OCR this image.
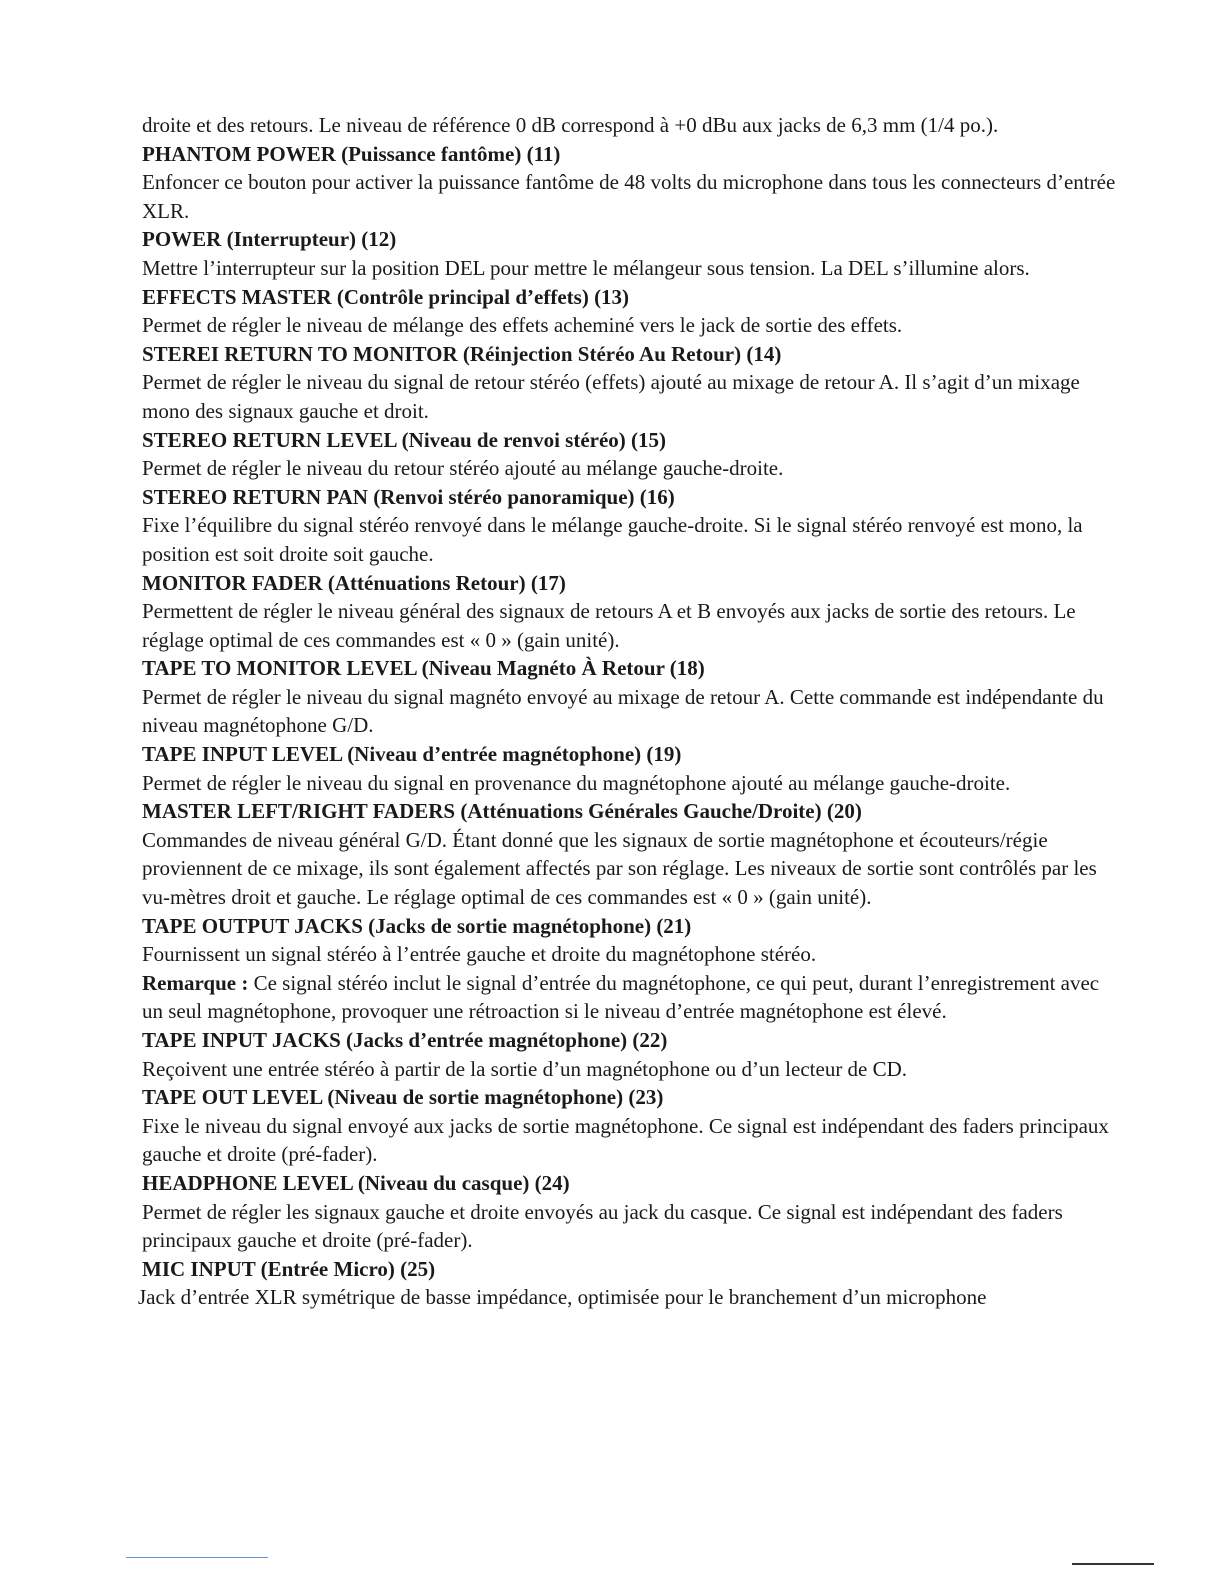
droite et des retours. Le niveau de référence 0 dB correspond à +0 dBu aux jacks de 6,3 mm (1/4 po.).

PHANTOM POWER (Puissance fantôme) (11)

Enfoncer ce bouton pour activer la puissance fantôme de 48 volts du microphone dans tous les connecteurs d’entrée XLR.

POWER (Interrupteur) (12)

Mettre l’interrupteur sur la position DEL pour mettre le mélangeur sous tension. La DEL s’illumine alors.

EFFECTS MASTER (Contrôle principal d’effets) (13)

Permet de régler le niveau de mélange des effets acheminé vers le jack de sortie des effets.

STEREI RETURN TO MONITOR (Réinjection Stéréo Au Retour) (14)

Permet de régler le niveau du signal de retour stéréo (effets) ajouté au mixage de retour A. Il s’agit d’un mixage mono des signaux gauche et droit.

STEREO RETURN LEVEL (Niveau de renvoi stéréo) (15)

Permet de régler le niveau du retour stéréo ajouté au mélange gauche-droite.

STEREO RETURN PAN (Renvoi stéréo panoramique) (16)

Fixe l’équilibre du signal stéréo renvoyé dans le mélange gauche-droite. Si le signal stéréo renvoyé est mono, la position est soit droite soit gauche.

MONITOR FADER (Atténuations Retour) (17)

Permettent de régler le niveau général des signaux de retours A et B envoyés aux jacks de sortie des retours. Le réglage optimal de ces commandes est « 0 » (gain unité).

TAPE TO MONITOR LEVEL (Niveau Magnéto À Retour (18)

Permet de régler le niveau du signal magnéto envoyé au mixage de retour A. Cette commande est indépendante du niveau magnétophone G/D.

TAPE INPUT LEVEL (Niveau d’entrée magnétophone) (19)

Permet de régler le niveau du signal en provenance du magnétophone ajouté au mélange gauche-droite.

MASTER LEFT/RIGHT FADERS (Atténuations Générales Gauche/Droite) (20)

Commandes de niveau général G/D. Étant donné que les signaux de sortie magnétophone et écouteurs/régie proviennent de ce mixage, ils sont également affectés par son réglage. Les niveaux de sortie sont contrôlés par les vu-mètres droit et gauche. Le réglage optimal de ces commandes est « 0 » (gain unité).

TAPE OUTPUT JACKS (Jacks de sortie magnétophone) (21)

Fournissent un signal stéréo à l’entrée gauche et droite du magnétophone stéréo.

Remarque : Ce signal stéréo inclut le signal d’entrée du magnétophone, ce qui peut, durant l’enregistrement avec un seul magnétophone, provoquer une rétroaction si le niveau d’entrée magnétophone est élevé.

TAPE INPUT JACKS (Jacks d’entrée magnétophone) (22)

Reçoivent une entrée stéréo à partir de la sortie d’un magnétophone ou d’un lecteur de CD.

TAPE OUT LEVEL (Niveau de sortie magnétophone) (23)

Fixe le niveau du signal envoyé aux jacks de sortie magnétophone. Ce signal est indépendant des faders principaux gauche et droite (pré-fader).

HEADPHONE LEVEL (Niveau du casque) (24)

Permet de régler les signaux gauche et droite envoyés au jack du casque. Ce signal est indépendant des faders principaux gauche et droite (pré-fader).

MIC INPUT (Entrée Micro) (25)

Jack d’entrée XLR symétrique de basse impédance, optimisée pour le branchement d’un microphone
